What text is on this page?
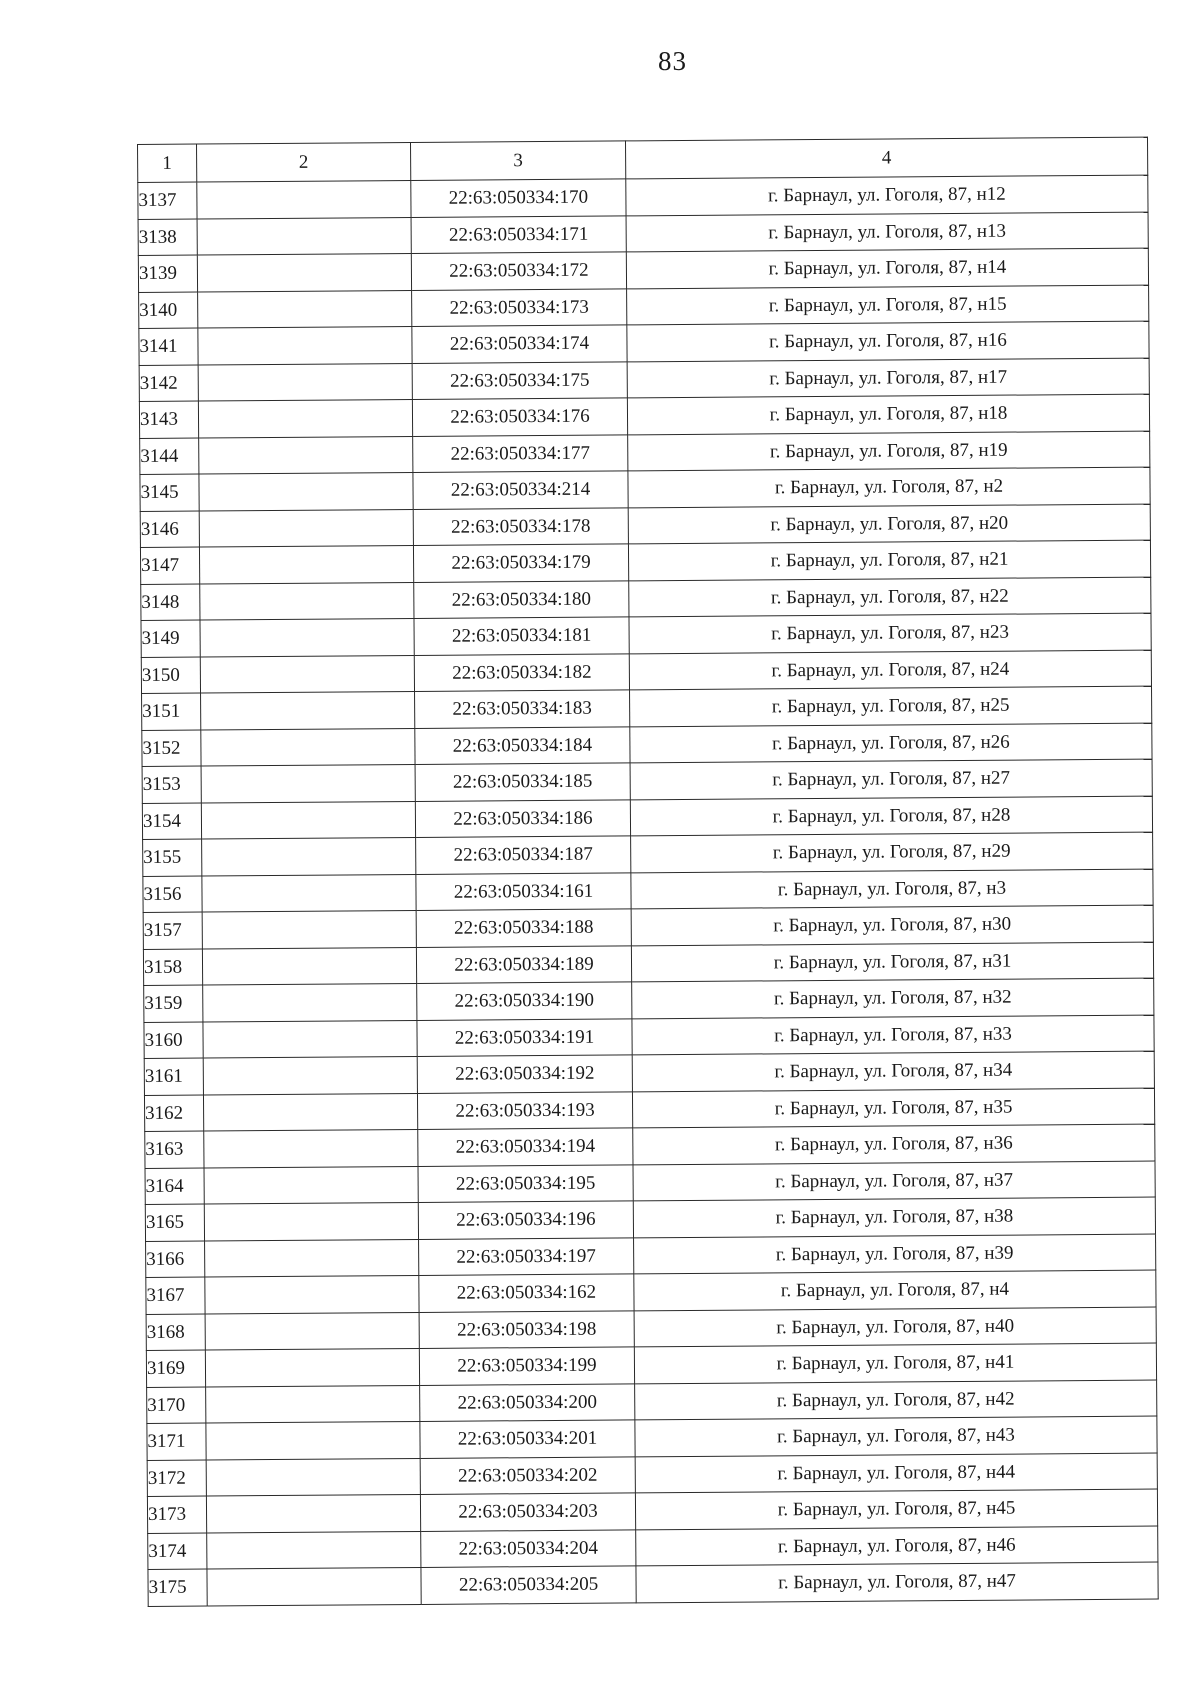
83
1	2	3	4
3137		22:63:050334:170	г. Барнаул, ул. Гоголя, 87, н12
3138		22:63:050334:171	г. Барнаул, ул. Гоголя, 87, н13
3139		22:63:050334:172	г. Барнаул, ул. Гоголя, 87, н14
3140		22:63:050334:173	г. Барнаул, ул. Гоголя, 87, н15
3141		22:63:050334:174	г. Барнаул, ул. Гоголя, 87, н16
3142		22:63:050334:175	г. Барнаул, ул. Гоголя, 87, н17
3143		22:63:050334:176	г. Барнаул, ул. Гоголя, 87, н18
3144		22:63:050334:177	г. Барнаул, ул. Гоголя, 87, н19
3145		22:63:050334:214	г. Барнаул, ул. Гоголя, 87, н2
3146		22:63:050334:178	г. Барнаул, ул. Гоголя, 87, н20
3147		22:63:050334:179	г. Барнаул, ул. Гоголя, 87, н21
3148		22:63:050334:180	г. Барнаул, ул. Гоголя, 87, н22
3149		22:63:050334:181	г. Барнаул, ул. Гоголя, 87, н23
3150		22:63:050334:182	г. Барнаул, ул. Гоголя, 87, н24
3151		22:63:050334:183	г. Барнаул, ул. Гоголя, 87, н25
3152		22:63:050334:184	г. Барнаул, ул. Гоголя, 87, н26
3153		22:63:050334:185	г. Барнаул, ул. Гоголя, 87, н27
3154		22:63:050334:186	г. Барнаул, ул. Гоголя, 87, н28
3155		22:63:050334:187	г. Барнаул, ул. Гоголя, 87, н29
3156		22:63:050334:161	г. Барнаул, ул. Гоголя, 87, н3
3157		22:63:050334:188	г. Барнаул, ул. Гоголя, 87, н30
3158		22:63:050334:189	г. Барнаул, ул. Гоголя, 87, н31
3159		22:63:050334:190	г. Барнаул, ул. Гоголя, 87, н32
3160		22:63:050334:191	г. Барнаул, ул. Гоголя, 87, н33
3161		22:63:050334:192	г. Барнаул, ул. Гоголя, 87, н34
3162		22:63:050334:193	г. Барнаул, ул. Гоголя, 87, н35
3163		22:63:050334:194	г. Барнаул, ул. Гоголя, 87, н36
3164		22:63:050334:195	г. Барнаул, ул. Гоголя, 87, н37
3165		22:63:050334:196	г. Барнаул, ул. Гоголя, 87, н38
3166		22:63:050334:197	г. Барнаул, ул. Гоголя, 87, н39
3167		22:63:050334:162	г. Барнаул, ул. Гоголя, 87, н4
3168		22:63:050334:198	г. Барнаул, ул. Гоголя, 87, н40
3169		22:63:050334:199	г. Барнаул, ул. Гоголя, 87, н41
3170		22:63:050334:200	г. Барнаул, ул. Гоголя, 87, н42
3171		22:63:050334:201	г. Барнаул, ул. Гоголя, 87, н43
3172		22:63:050334:202	г. Барнаул, ул. Гоголя, 87, н44
3173		22:63:050334:203	г. Барнаул, ул. Гоголя, 87, н45
3174		22:63:050334:204	г. Барнаул, ул. Гоголя, 87, н46
3175		22:63:050334:205	г. Барнаул, ул. Гоголя, 87, н47
